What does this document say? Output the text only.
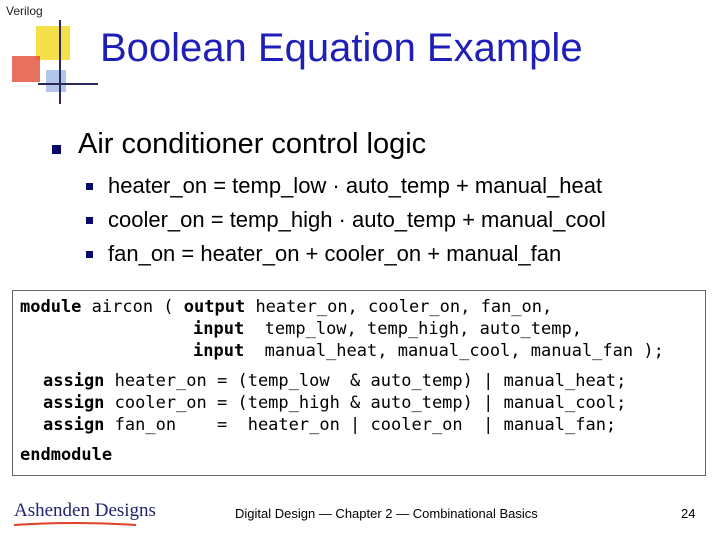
Verilog
Boolean Equation Example
Air conditioner control logic
heater_on = temp_low · auto_temp + manual_heat
cooler_on = temp_high · auto_temp + manual_cool
fan_on = heater_on + cooler_on + manual_fan
module aircon ( output heater_on, cooler_on, fan_on,
input  temp_low, temp_high, auto_temp,
input  manual_heat, manual_cool, manual_fan );
assign heater_on = (temp_low  & auto_temp) | manual_heat;
assign cooler_on = (temp_high & auto_temp) | manual_cool;
assign fan_on    =  heater_on | cooler_on  | manual_fan;
endmodule
Ashenden Designs	Digital Design — Chapter 2 — Combinational Basics	24
